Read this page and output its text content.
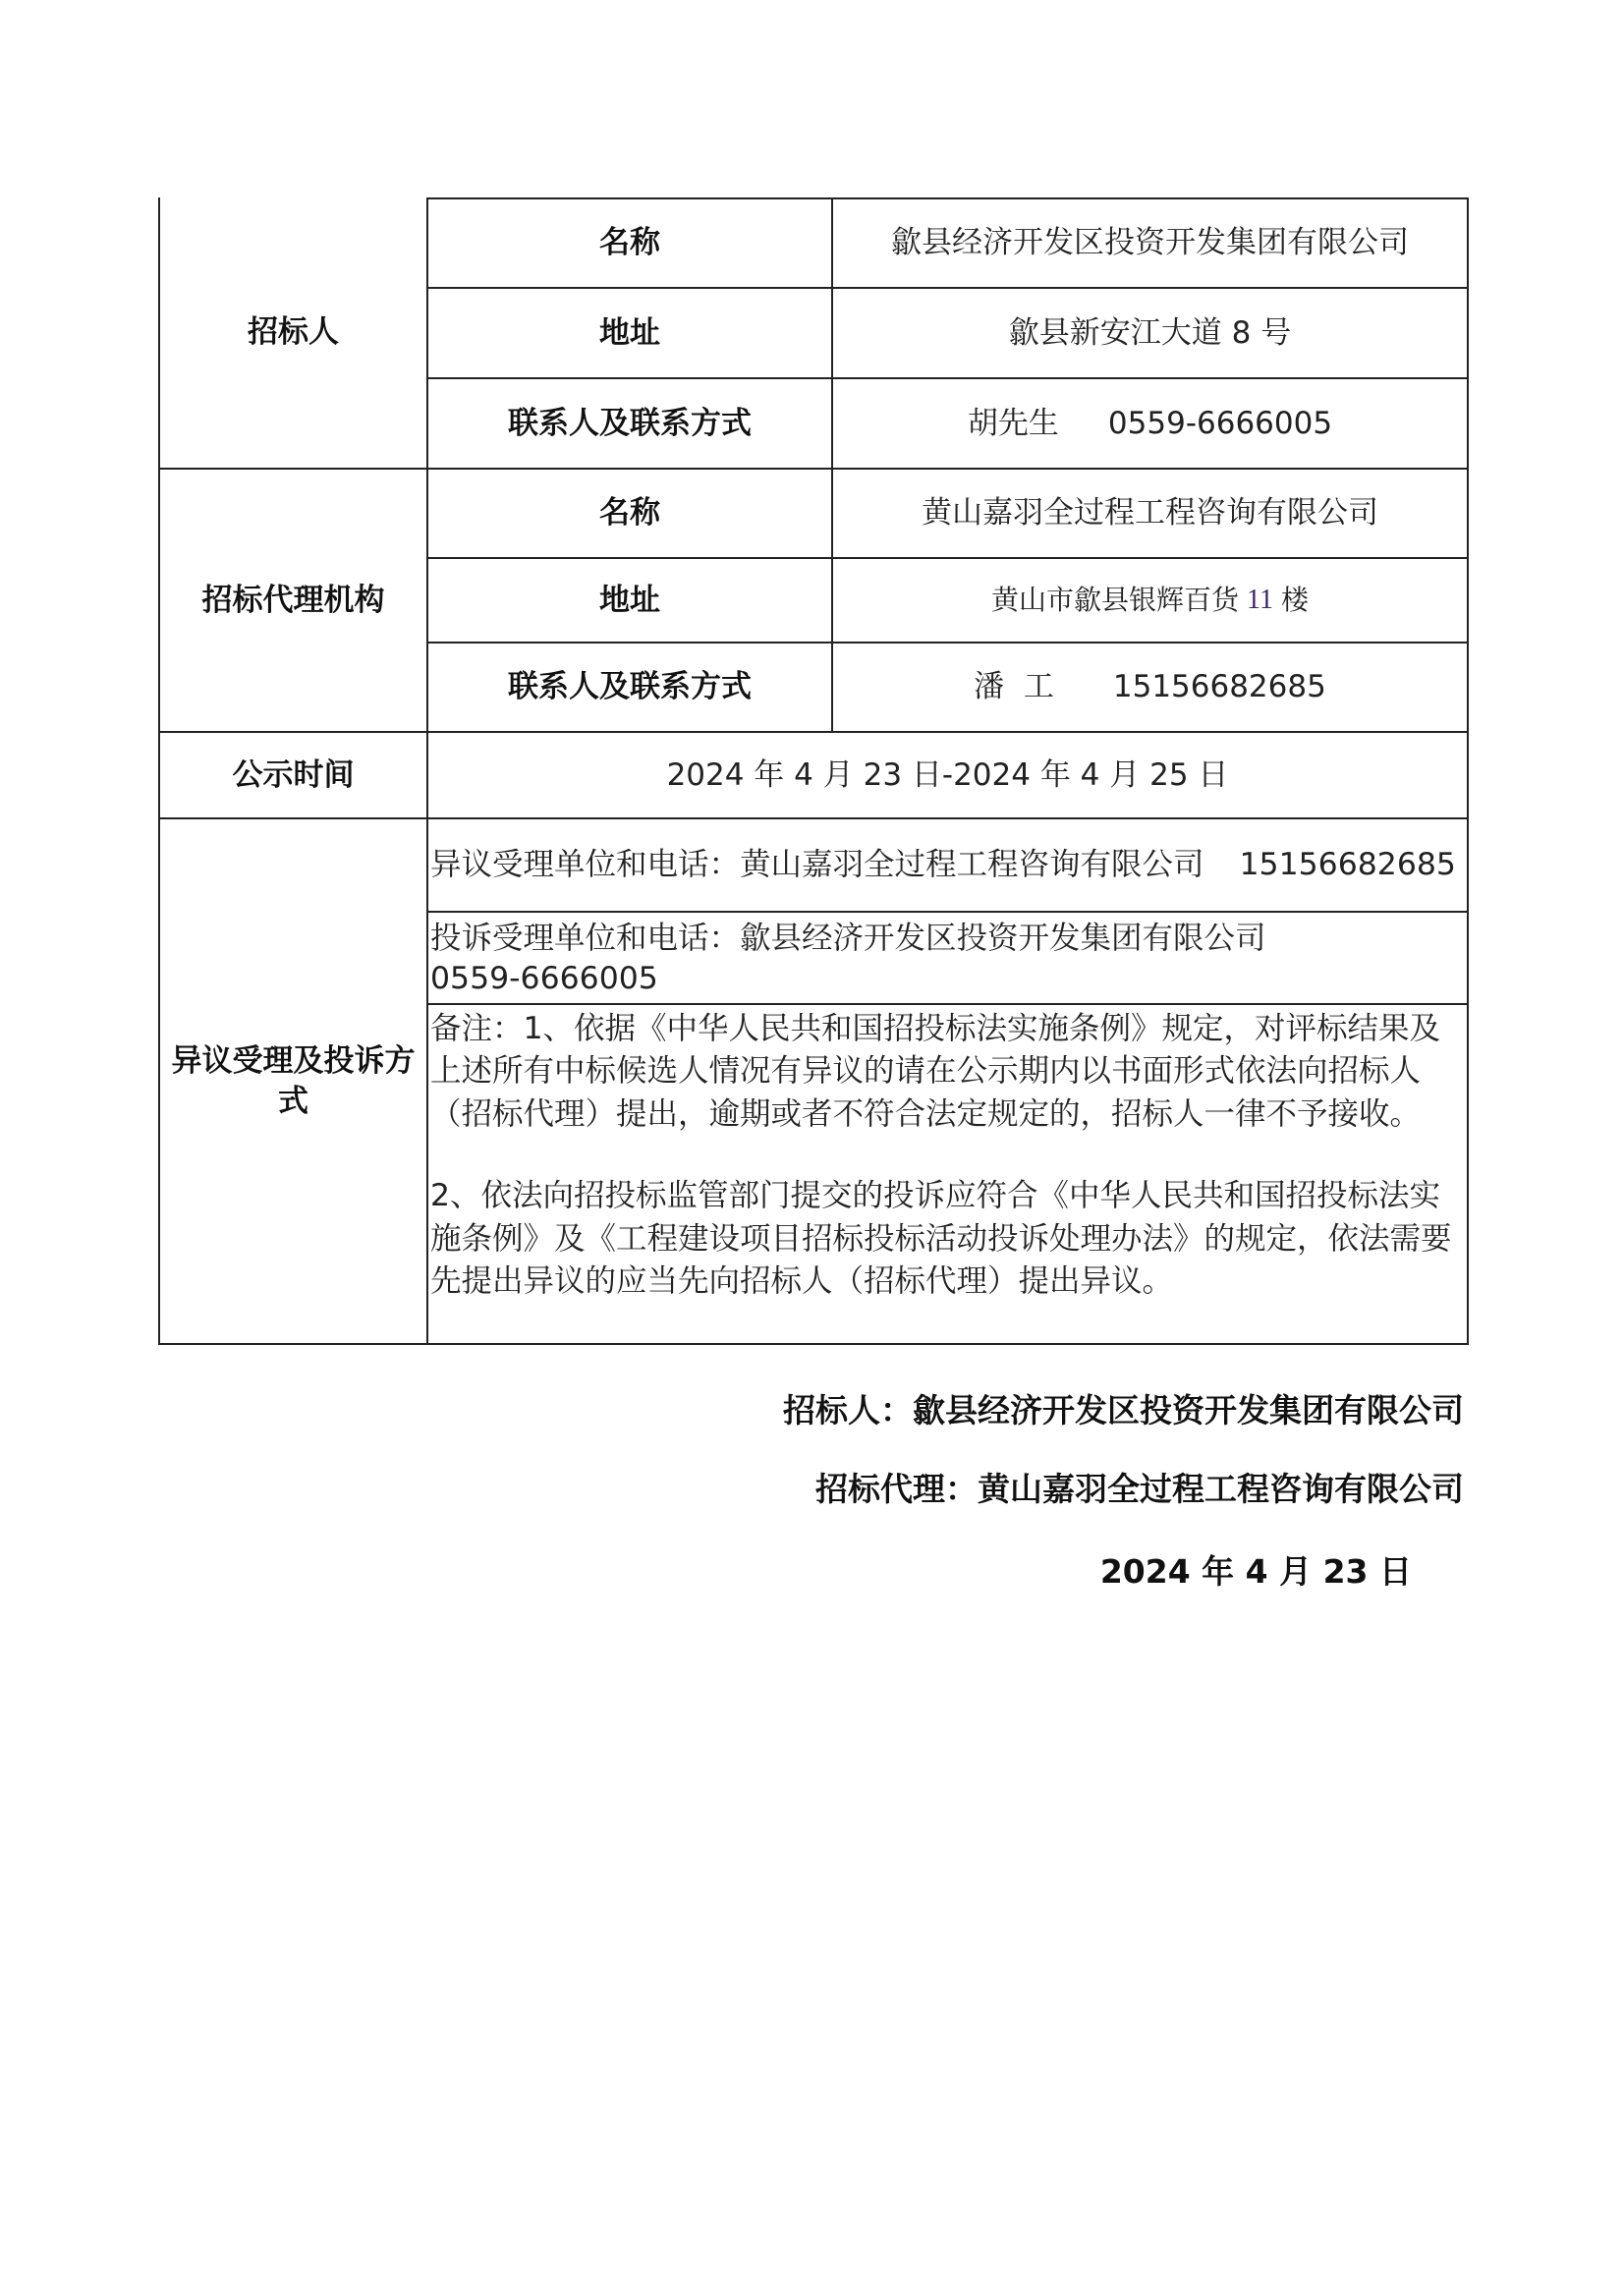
招标人
名称	歙县经济开发区投资开发集团有限公司
地址	歙县新安江大道 8 号
联系人及联系方式	胡先生 0559-6666005
招标代理机构
名称	黄山嘉羽全过程工程咨询有限公司
地址	黄山市歙县银辉百货 11 楼
联系人及联系方式	潘  工 15156682685
公示时间	2024 年 4 月 23 日-2024 年 4 月 25 日
异议受理及投诉方式
异议受理单位和电话：黄山嘉羽全过程工程咨询有限公司 15156682685
投诉受理单位和电话：歙县经济开发区投资开发集团有限公司
0559-6666005
备注：1、依据《中华人民共和国招投标法实施条例》规定，对评标结果及上述所有中标候选人情况有异议的请在公示期内以书面形式依法向招标人（招标代理）提出，逾期或者不符合法定规定的，招标人一律不予接收。
2、依法向招投标监管部门提交的投诉应符合《中华人民共和国招投标法实施条例》及《工程建设项目招标投标活动投诉处理办法》的规定，依法需要先提出异议的应当先向招标人（招标代理）提出异议。
招标人：歙县经济开发区投资开发集团有限公司
招标代理：黄山嘉羽全过程工程咨询有限公司
2024 年 4 月 23 日
